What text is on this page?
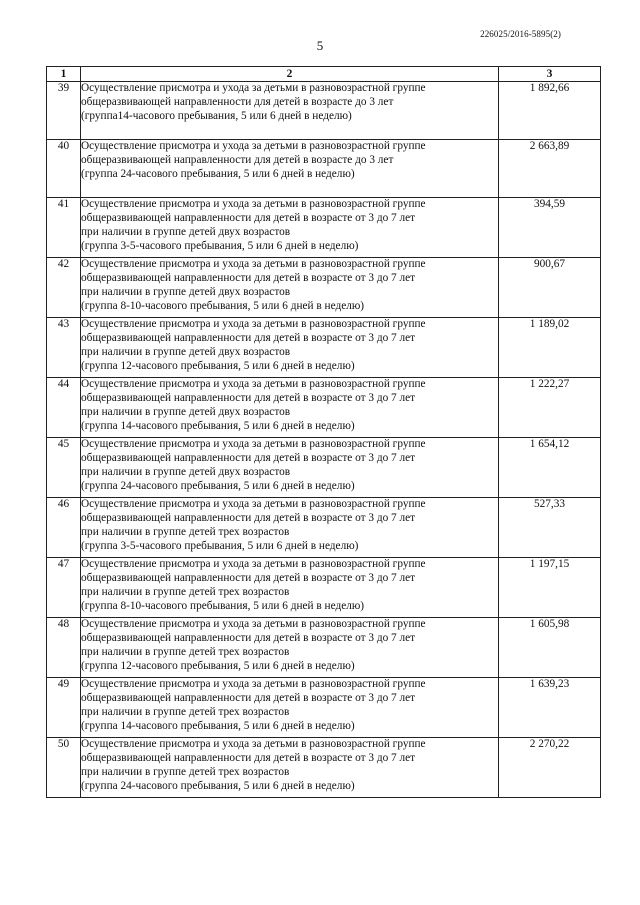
226025/2016-5895(2)
5
1	2	3
39	Осуществление присмотра и ухода за детьми в разновозрастной группе
общеразвивающей направленности для детей в возрасте до 3 лет
(группа14-часового пребывания, 5 или 6 дней в неделю)	1 892,66
40	Осуществление присмотра и ухода за детьми в разновозрастной группе
общеразвивающей направленности для детей в возрасте до 3 лет
(группа 24-часового пребывания, 5 или 6 дней в неделю)	2 663,89
41	Осуществление присмотра и ухода за детьми в разновозрастной группе
общеразвивающей направленности для детей в возрасте от 3 до 7 лет
при наличии в группе детей двух возрастов
(группа 3-5-часового пребывания, 5 или 6 дней в неделю)	394,59
42	Осуществление присмотра и ухода за детьми в разновозрастной группе
общеразвивающей направленности для детей в возрасте от 3 до 7 лет
при наличии в группе детей двух возрастов
(группа 8-10-часового пребывания, 5 или 6 дней в неделю)	900,67
43	Осуществление присмотра и ухода за детьми в разновозрастной группе
общеразвивающей направленности для детей в возрасте от 3 до 7 лет
при наличии в группе детей двух возрастов
(группа 12-часового пребывания, 5 или 6 дней в неделю)	1 189,02
44	Осуществление присмотра и ухода за детьми в разновозрастной группе
общеразвивающей направленности для детей в возрасте от 3 до 7 лет
при наличии в группе детей двух возрастов
(группа 14-часового пребывания, 5 или 6 дней в неделю)	1 222,27
45	Осуществление присмотра и ухода за детьми в разновозрастной группе
общеразвивающей направленности для детей в возрасте от 3 до 7 лет
при наличии в группе детей двух возрастов
(группа 24-часового пребывания, 5 или 6 дней в неделю)	1 654,12
46	Осуществление присмотра и ухода за детьми в разновозрастной группе
общеразвивающей направленности для детей в возрасте от 3 до 7 лет
при наличии в группе детей трех возрастов
(группа 3-5-часового пребывания, 5 или 6 дней в неделю)	527,33
47	Осуществление присмотра и ухода за детьми в разновозрастной группе
общеразвивающей направленности для детей в возрасте от 3 до 7 лет
при наличии в группе детей трех возрастов
(группа 8-10-часового пребывания, 5 или 6 дней в неделю)	1 197,15
48	Осуществление присмотра и ухода за детьми в разновозрастной группе
общеразвивающей направленности для детей в возрасте от 3 до 7 лет
при наличии в группе детей трех возрастов
(группа 12-часового пребывания, 5 или 6 дней в неделю)	1 605,98
49	Осуществление присмотра и ухода за детьми в разновозрастной группе
общеразвивающей направленности для детей в возрасте от 3 до 7 лет
при наличии в группе детей трех возрастов
(группа 14-часового пребывания, 5 или 6 дней в неделю)	1 639,23
50	Осуществление присмотра и ухода за детьми в разновозрастной группе
общеразвивающей направленности для детей в возрасте от 3 до 7 лет
при наличии в группе детей трех возрастов
(группа 24-часового пребывания, 5 или 6 дней в неделю)	2 270,22
